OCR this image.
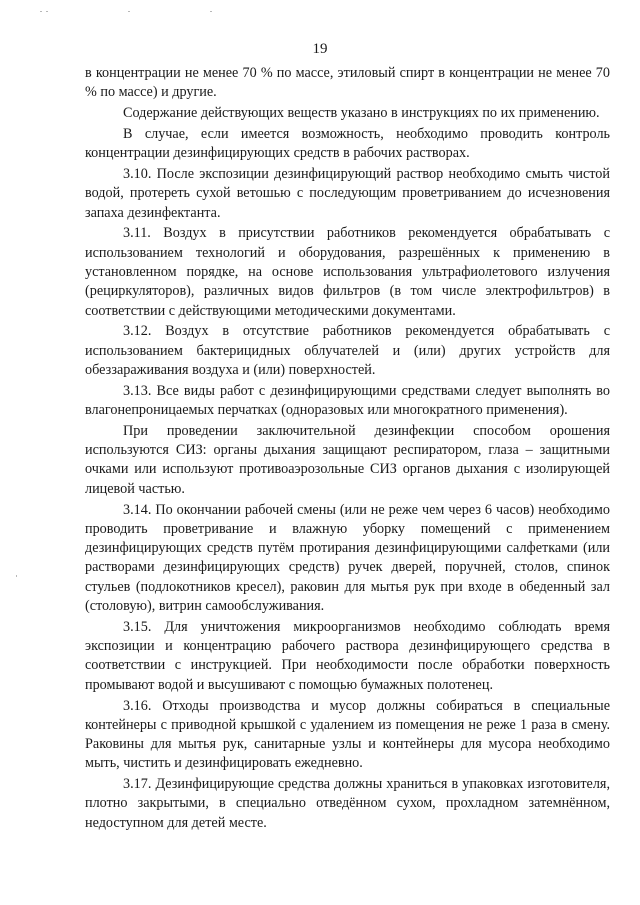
19

в концентрации не менее 70 % по массе, этиловый спирт в концентрации не менее 70 % по массе) и другие.

Содержание действующих веществ указано в инструкциях по их применению.

В случае, если имеется возможность, необходимо проводить контроль концентрации дезинфицирующих средств в рабочих растворах.

3.10. После экспозиции дезинфицирующий раствор необходимо смыть чистой водой, протереть сухой ветошью с последующим проветриванием до исчезновения запаха дезинфектанта.

3.11. Воздух в присутствии работников рекомендуется обрабатывать с использованием технологий и оборудования, разрешённых к применению в установленном порядке, на основе использования ультрафиолетового излучения (рециркуляторов), различных видов фильтров (в том числе электрофильтров) в соответствии с действующими методическими документами.

3.12. Воздух в отсутствие работников рекомендуется обрабатывать с использованием бактерицидных облучателей и (или) других устройств для обеззараживания воздуха и (или) поверхностей.

3.13. Все виды работ с дезинфицирующими средствами следует выполнять во влагонепроницаемых перчатках (одноразовых или многократного применения).

При проведении заключительной дезинфекции способом орошения используются СИЗ: органы дыхания защищают респиратором, глаза – защитными очками или используют противоаэрозольные СИЗ органов дыхания с изолирующей лицевой частью.

3.14. По окончании рабочей смены (или не реже чем через 6 часов) необходимо проводить проветривание и влажную уборку помещений с применением дезинфицирующих средств путём протирания дезинфицирующими салфетками (или растворами дезинфицирующих средств) ручек дверей, поручней, столов, спинок стульев (подлокотников кресел), раковин для мытья рук при входе в обеденный зал (столовую), витрин самообслуживания.

3.15. Для уничтожения микроорганизмов необходимо соблюдать время экспозиции и концентрацию рабочего раствора дезинфицирующего средства в соответствии с инструкцией. При необходимости после обработки поверхность промывают водой и высушивают с помощью бумажных полотенец.

3.16. Отходы производства и мусор должны собираться в специальные контейнеры с приводной крышкой с удалением из помещения не реже 1 раза в смену. Раковины для мытья рук, санитарные узлы и контейнеры для мусора необходимо мыть, чистить и дезинфицировать ежедневно.

3.17. Дезинфицирующие средства должны храниться в упаковках изготовителя, плотно закрытыми, в специально отведённом сухом, прохладном затемнённом, недоступном для детей месте.
